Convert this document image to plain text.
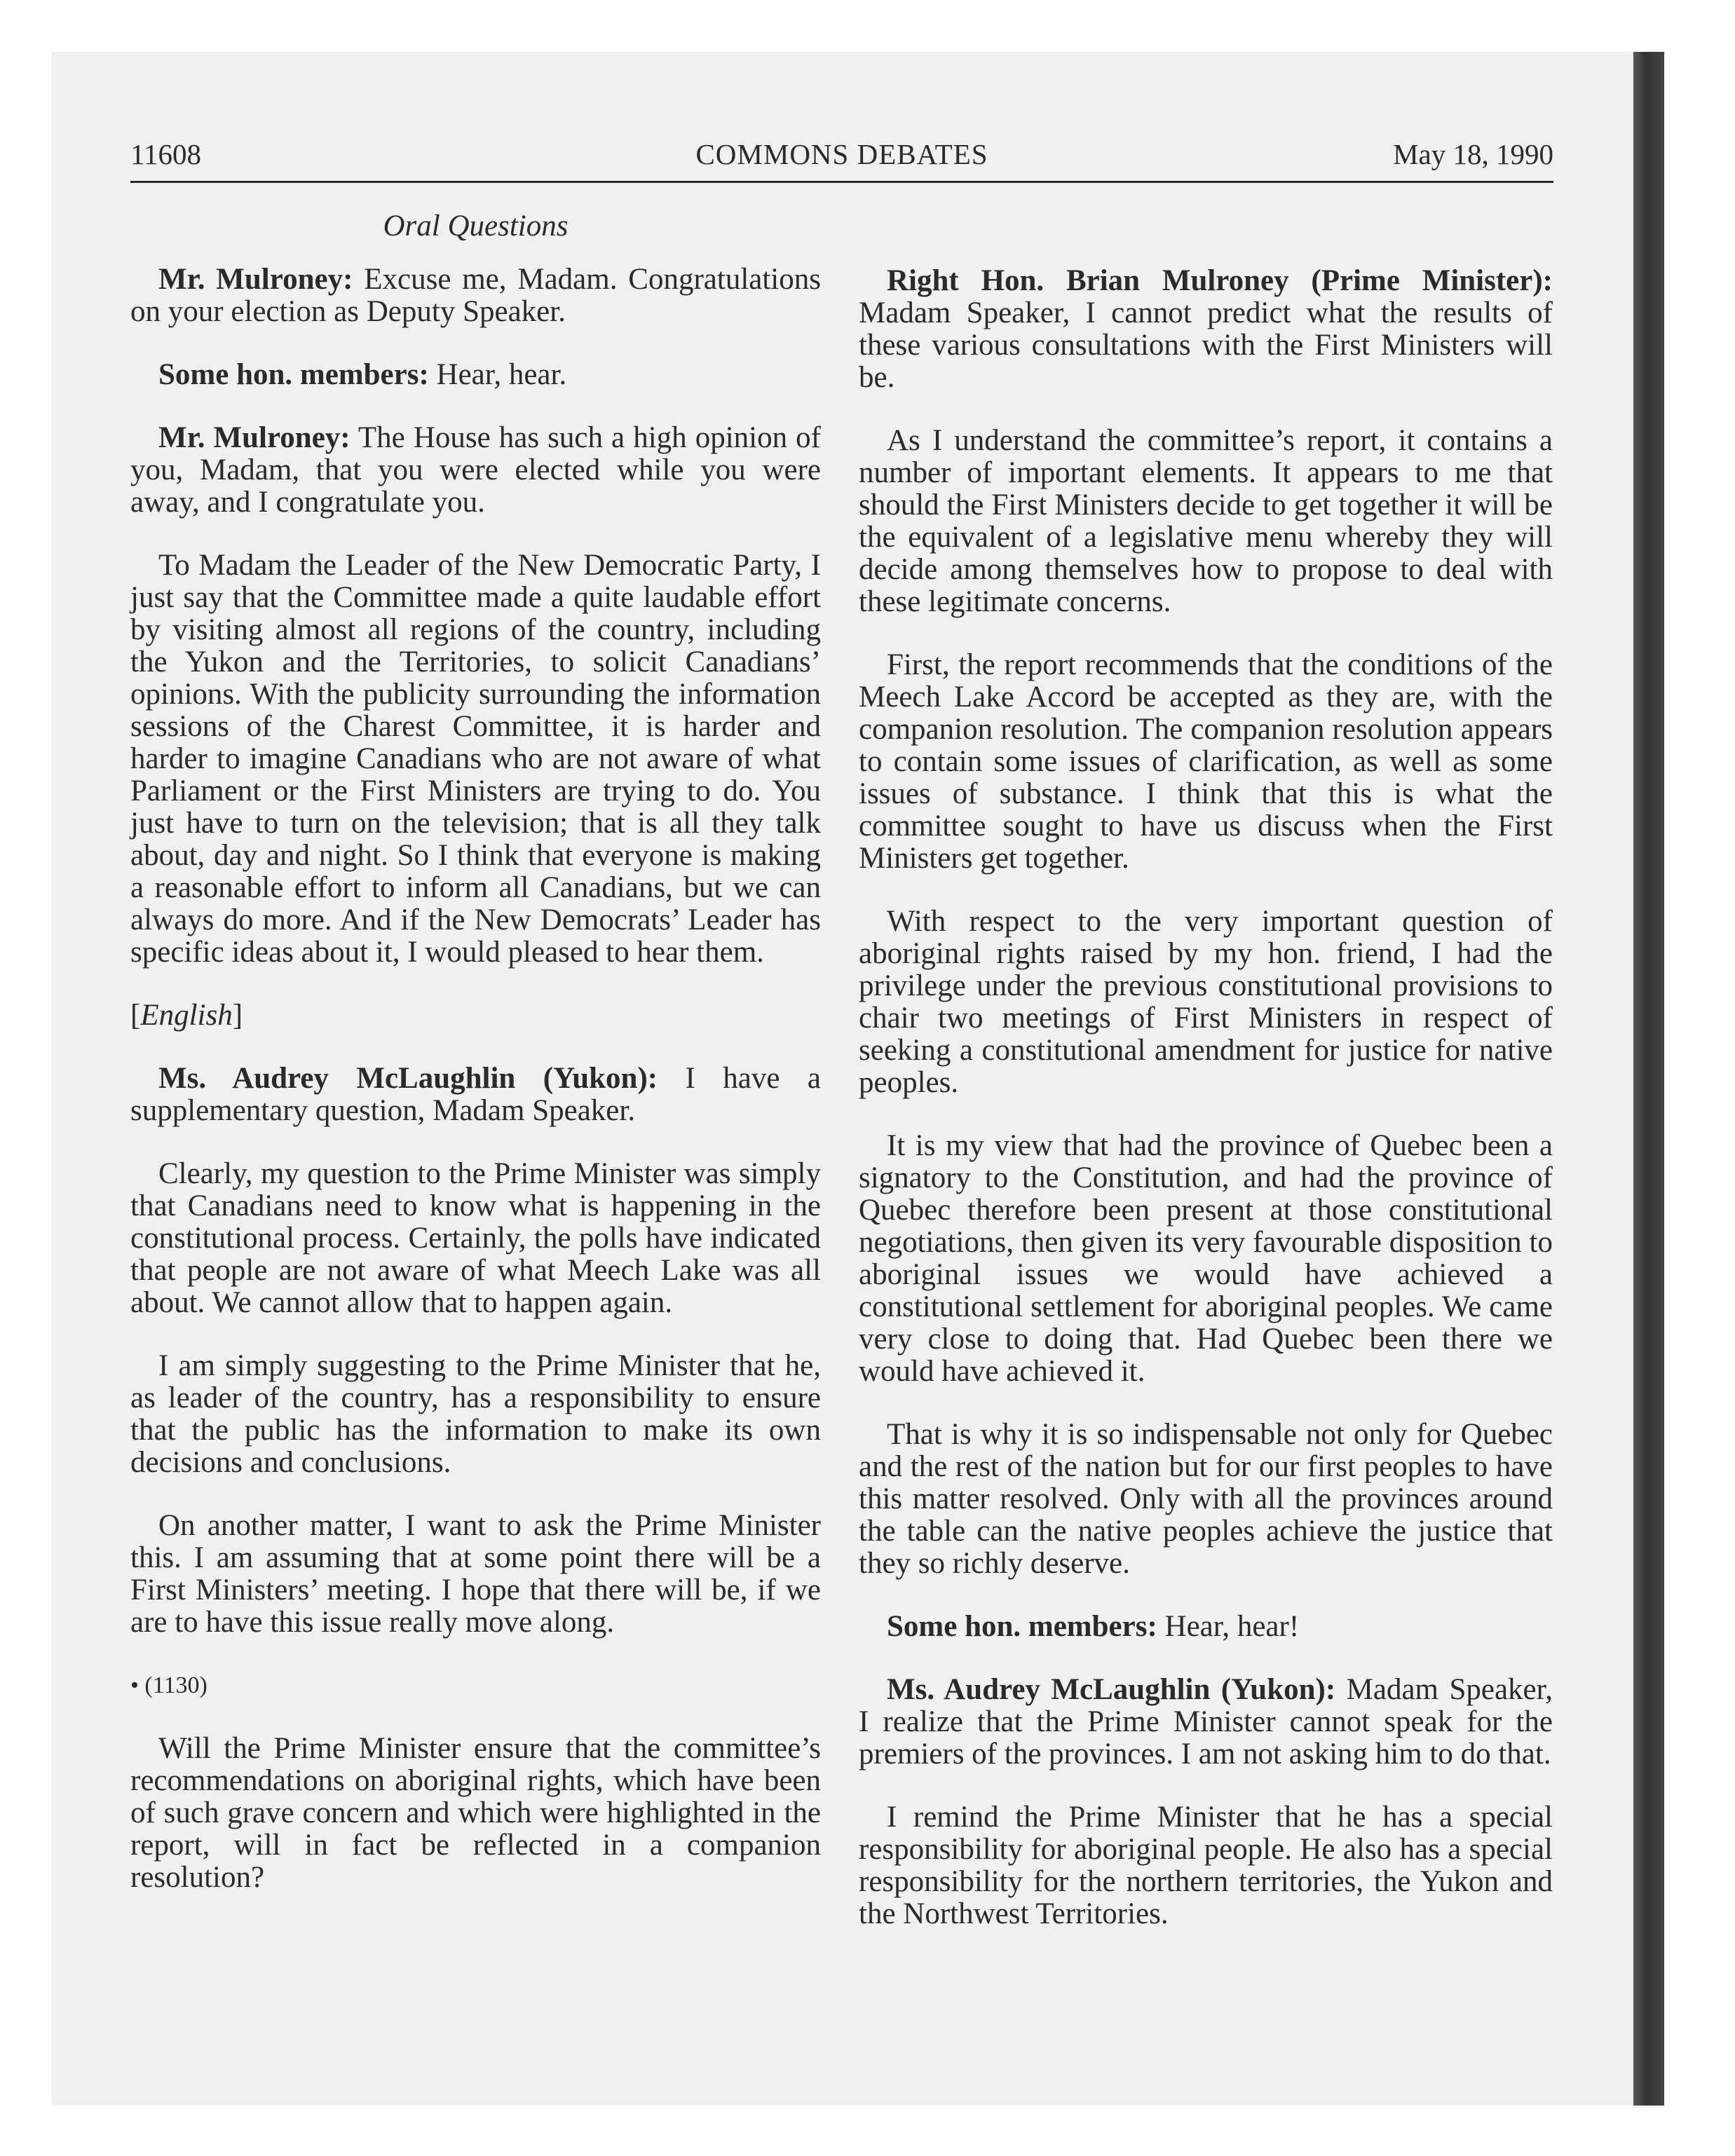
11608	COMMONS DEBATES	May 18, 1990
Oral Questions

Mr. Mulroney: Excuse me, Madam. Congratulations on your election as Deputy Speaker.

Some hon. members: Hear, hear.

Mr. Mulroney: The House has such a high opinion of you, Madam, that you were elected while you were away, and I congratulate you.

To Madam the Leader of the New Democratic Party, I just say that the Committee made a quite laudable effort by visiting almost all regions of the country, including the Yukon and the Territories, to solicit Canadians’ opinions. With the publicity surrounding the information sessions of the Charest Committee, it is harder and harder to imagine Canadians who are not aware of what Parliament or the First Ministers are trying to do. You just have to turn on the television; that is all they talk about, day and night. So I think that everyone is making a reasonable effort to inform all Canadians, but we can always do more. And if the New Democrats’ Leader has specific ideas about it, I would pleased to hear them.

[English]

Ms. Audrey McLaughlin (Yukon): I have a supplementary question, Madam Speaker.

Clearly, my question to the Prime Minister was simply that Canadians need to know what is happening in the constitutional process. Certainly, the polls have indicated that people are not aware of what Meech Lake was all about. We cannot allow that to happen again.

I am simply suggesting to the Prime Minister that he, as leader of the country, has a responsibility to ensure that the public has the information to make its own decisions and conclusions.

On another matter, I want to ask the Prime Minister this. I am assuming that at some point there will be a First Ministers’ meeting. I hope that there will be, if we are to have this issue really move along.

• (1130)

Will the Prime Minister ensure that the committee’s recommendations on aboriginal rights, which have been of such grave concern and which were highlighted in the report, will in fact be reflected in a companion resolution?

Right Hon. Brian Mulroney (Prime Minister): Madam Speaker, I cannot predict what the results of these various consultations with the First Ministers will be.

As I understand the committee’s report, it contains a number of important elements. It appears to me that should the First Ministers decide to get together it will be the equivalent of a legislative menu whereby they will decide among themselves how to propose to deal with these legitimate concerns.

First, the report recommends that the conditions of the Meech Lake Accord be accepted as they are, with the companion resolution. The companion resolution appears to contain some issues of clarification, as well as some issues of substance. I think that this is what the committee sought to have us discuss when the First Ministers get together.

With respect to the very important question of aboriginal rights raised by my hon. friend, I had the privilege under the previous constitutional provisions to chair two meetings of First Ministers in respect of seeking a constitutional amendment for justice for native peoples.

It is my view that had the province of Quebec been a signatory to the Constitution, and had the province of Quebec therefore been present at those constitutional negotiations, then given its very favourable disposition to aboriginal issues we would have achieved a constitutional settlement for aboriginal peoples. We came very close to doing that. Had Quebec been there we would have achieved it.

That is why it is so indispensable not only for Quebec and the rest of the nation but for our first peoples to have this matter resolved. Only with all the provinces around the table can the native peoples achieve the justice that they so richly deserve.

Some hon. members: Hear, hear!

Ms. Audrey McLaughlin (Yukon): Madam Speaker, I realize that the Prime Minister cannot speak for the premiers of the provinces. I am not asking him to do that.

I remind the Prime Minister that he has a special responsibility for aboriginal people. He also has a special responsibility for the northern territories, the Yukon and the Northwest Territories.
